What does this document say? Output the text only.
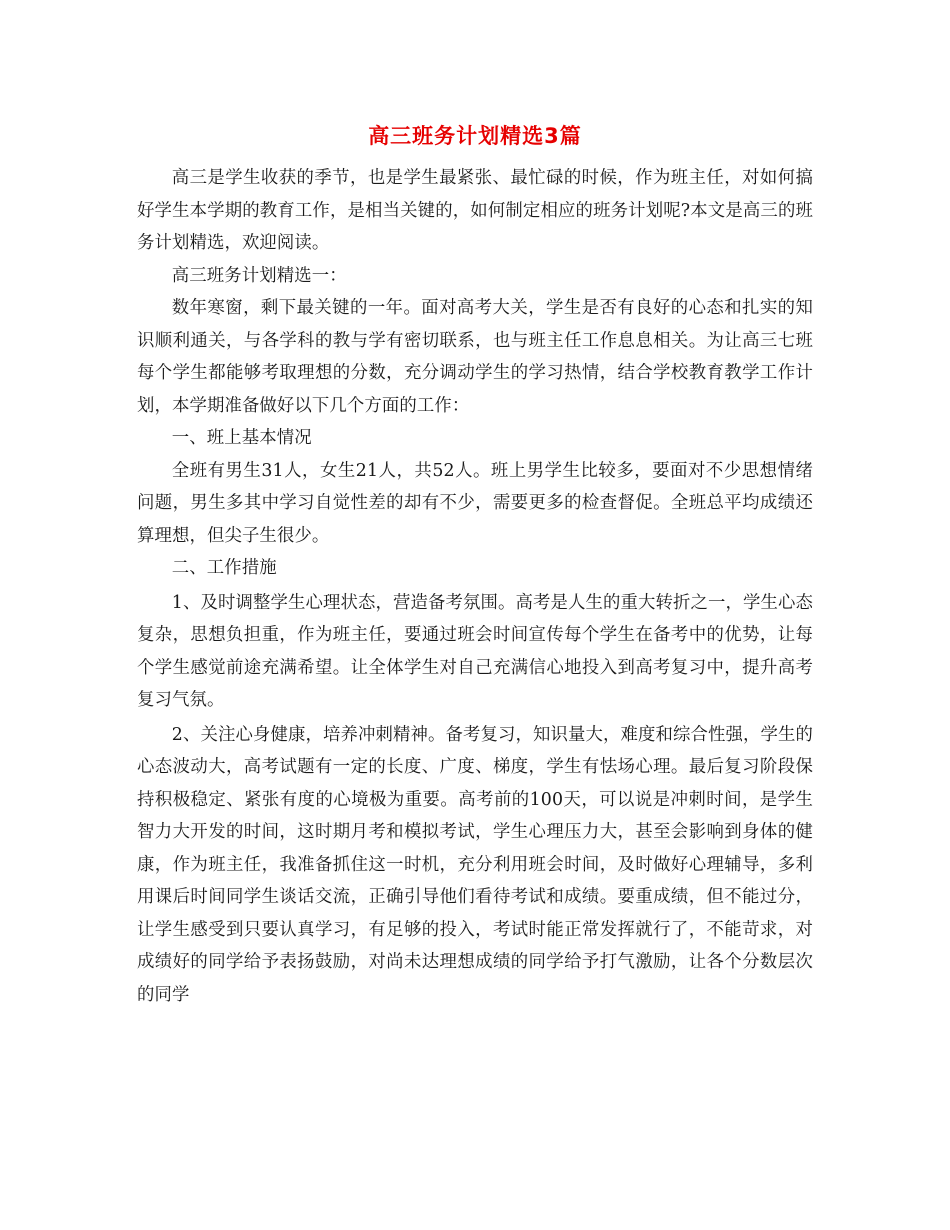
高三班务计划精选3篇

高三是学生收获的季节，也是学生最紧张、最忙碌的时候，作为班主任，对如何搞好学生本学期的教育工作，是相当关键的，如何制定相应的班务计划呢?本文是高三的班务计划精选，欢迎阅读。

高三班务计划精选一：

数年寒窗，剩下最关键的一年。面对高考大关，学生是否有良好的心态和扎实的知识顺利通关，与各学科的教与学有密切联系，也与班主任工作息息相关。为让高三七班每个学生都能够考取理想的分数，充分调动学生的学习热情，结合学校教育教学工作计划，本学期准备做好以下几个方面的工作：

一、班上基本情况

全班有男生31人，女生21人，共52人。班上男学生比较多，要面对不少思想情绪问题，男生多其中学习自觉性差的却有不少，需要更多的检查督促。全班总平均成绩还算理想，但尖子生很少。

二、工作措施

1、及时调整学生心理状态，营造备考氛围。高考是人生的重大转折之一，学生心态复杂，思想负担重，作为班主任，要通过班会时间宣传每个学生在备考中的优势，让每个学生感觉前途充满希望。让全体学生对自己充满信心地投入到高考复习中，提升高考复习气氛。

2、关注心身健康，培养冲刺精神。备考复习，知识量大，难度和综合性强，学生的心态波动大，高考试题有一定的长度、广度、梯度，学生有怯场心理。最后复习阶段保持积极稳定、紧张有度的心境极为重要。高考前的100天，可以说是冲刺时间，是学生智力大开发的时间，这时期月考和模拟考试，学生心理压力大，甚至会影响到身体的健康，作为班主任，我准备抓住这一时机，充分利用班会时间，及时做好心理辅导，多利用课后时间同学生谈话交流，正确引导他们看待考试和成绩。要重成绩，但不能过分，让学生感受到只要认真学习，有足够的投入，考试时能正常发挥就行了，不能苛求，对成绩好的同学给予表扬鼓励，对尚未达理想成绩的同学给予打气激励，让各个分数层次的同学
